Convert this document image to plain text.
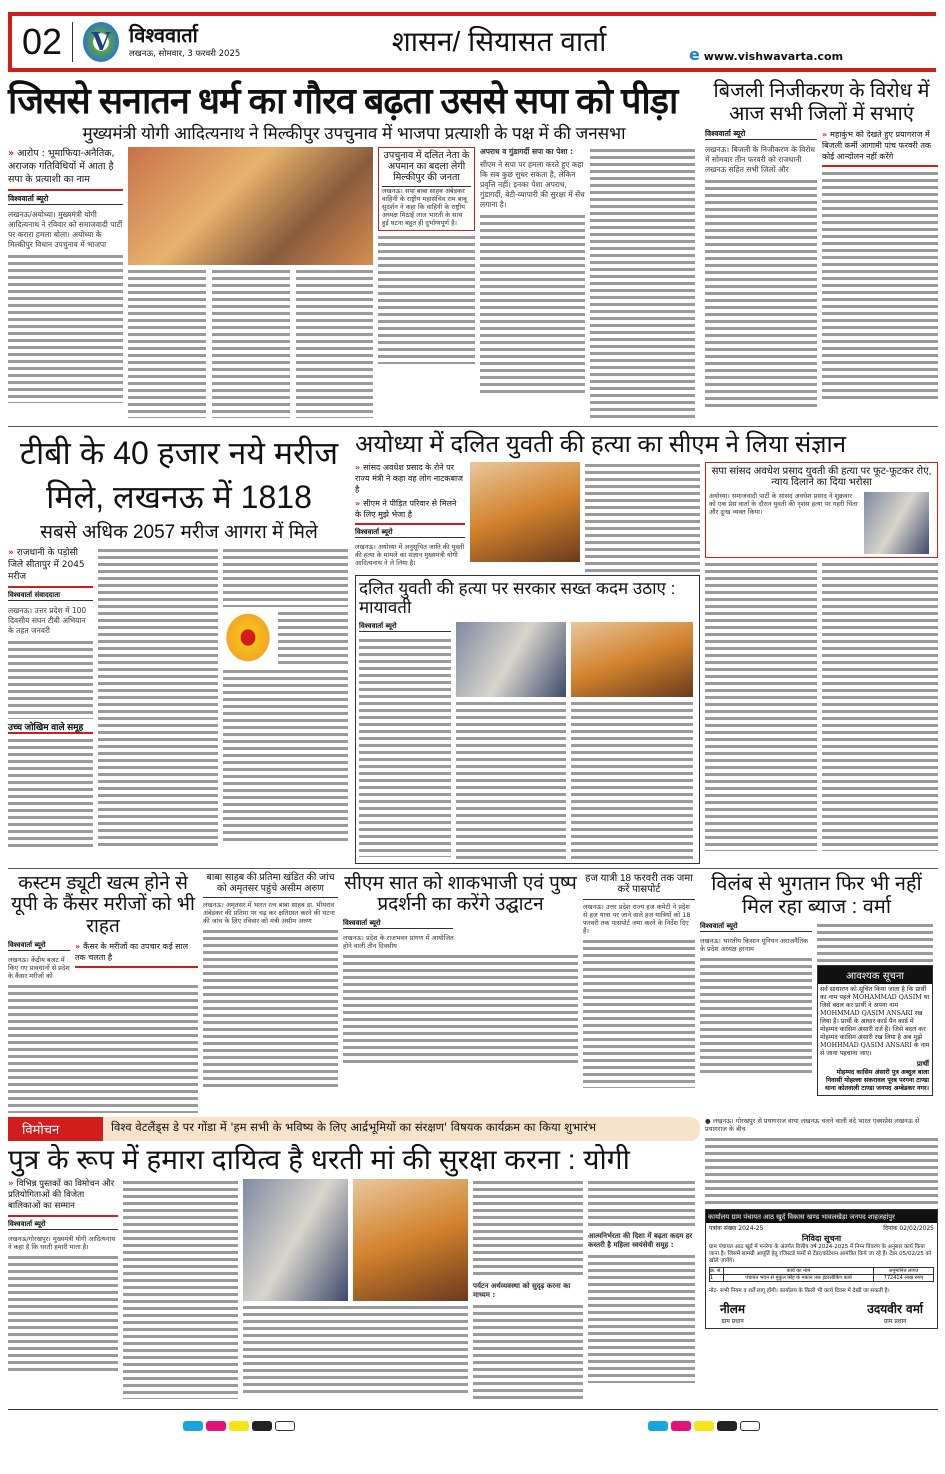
02	V विश्ववार्ता
लखनऊ, सोमवार, 3 फरवरी 2025	शासन/ सियासत वार्ता	e www.vishwavarta.com
जिससे सनातन धर्म का गौरव बढ़ता उससे सपा को पीड़ा
मुख्यमंत्री योगी आदित्यनाथ ने मिल्कीपुर उपचुनाव में भाजपा प्रत्याशी के पक्ष में की जनसभा
» आरोप : भूमाफिया-अनैतिक, अराजक गतिविधियों में आता है सपा के प्रत्याशी का नाम
विश्ववार्ता ब्यूरो
लखनऊ/अयोध्या। मुख्यमंत्री योगी आदित्यनाथ ने रविवार को समाजवादी पार्टी पर करारा हमला बोला। अयोध्या के मिल्कीपुर विधान उपचुनाव में भाजपा
उपचुनाव में दलित नेता के अपमान का बदला लेगी मिल्कीपुर की जनता
लखनऊ। सपा बाबा साहब अंबेडकर वाहिनी के राष्ट्रीय महासचिव राम बाबू सुदर्शन ने कहा कि वाहिनी के राष्ट्रीय अध्यक्ष मिठाई लाल भारती के साथ हुई घटना बहुत ही दुर्भाग्यपूर्ण है।
अपराध व गुंडागर्दी सपा का पेशा :
सीएम ने सपा पर हमला करते हुए कहा कि सब कुछ सुधर सकता है, लेकिन प्रवृत्ति नहीं। इनका पेशा अपराध, गुंडागर्दी, बेटी-व्यापारी की सुरक्षा में सेंध लगाना है।
बिजली निजीकरण के विरोध में आज सभी जिलों में सभाएं
विश्ववार्ता ब्यूरो
लखनऊ। बिजली के निजीकरण के विरोध में सोमवार तीन फरवरी को राजधानी लखनऊ सहित सभी जिलों और
» महाकुंभ को देखते हुए प्रयागराज में बिजली कर्मी आगामी पांच फरवरी तक कोई आन्दोलन नहीं करेंगे
टीबी के 40 हजार नये मरीज मिले, लखनऊ में 1818
सबसे अधिक 2057 मरीज आगरा में मिले
» राजधानी के पड़ोसी जिले सीतापुर में 2045 मरीज
विश्ववार्ता संवाददाता
लखनऊ। उत्तर प्रदेश में 100 दिवसीय सघन टीबी अभियान के तहत जनवरी
उच्च जोखिम वाले समूह
अयोध्या में दलित युवती की हत्या का सीएम ने लिया संज्ञान
» सांसद अवधेश प्रसाद के रोने पर राज्य मंत्री ने कहा वह लोग नाटकबाज है
» सीएम ने पीड़ित परिवार से मिलने के लिए मुझे भेजा है
विश्ववार्ता ब्यूरो
लखनऊ। अयोध्या में अनुसूचित जाति की युवती की हत्या के मामले का संज्ञान मुख्यमंत्री योगी आदित्यनाथ ने ले लिया है।
दलित युवती की हत्या पर सरकार सख्त कदम उठाए : मायावती
विश्ववार्ता ब्यूरो
सपा सांसद अवधेश प्रसाद युवती की हत्या पर फूट-फूटकर रोए, न्याय दिलाने का दिया भरोसा
अयोध्या। समाजवादी पार्टी के सांसद अवधेश प्रसाद ने शुक्रवार को एक प्रेस वार्ता के दौरान युवती की नृशंस हत्या पर गहरी चिंता और दुःख व्यक्त किया।
कस्टम ड्यूटी खत्म होने से यूपी के कैंसर मरीजों को भी राहत
विश्ववार्ता ब्यूरो
लखनऊ। केंद्रीय बजट में किए गए प्रावधानों से प्रदेश के कैंसर मरीजों को
» कैंसर के मरीजों का उपचार कई साल तक चलता है
बाबा साहब की प्रतिमा खंडित की जांच को अमृतसर पहुंचे असीम अरुण
लखनऊ। अमृतसर में भारत रत्न बाबा साहब डा. भीमराव अंबेडकर की प्रतिमा पर चढ़ कर क्षतिग्रस्त करने की घटना की जांच के लिए रविवार को मंत्री असीम अरुण
सीएम सात को शाकभाजी एवं पुष्प प्रदर्शनी का करेंगे उद्घाटन
विश्ववार्ता ब्यूरो
लखनऊ। प्रदेश के राजभवन प्रांगण में आयोजित होने वाली तीन दिवसीय
हज यात्री 18 फरवरी तक जमा करें पासपोर्ट
लखनऊ। उत्तर प्रदेश राज्य हज कमेटी ने प्रदेश से हज यात्रा पर जाने वाले हज यात्रियों को 18 फरवरी तक पासपोर्ट जमा करने के निर्देश दिए हैं।
विलंब से भुगतान फिर भी नहीं मिल रहा ब्याज : वर्मा
विश्ववार्ता ब्यूरो
लखनऊ। भारतीय किसान यूनियन अराजनैतिक के प्रदेश अध्यक्ष हरनाम
आवश्यक सूचना
सर्व साधारण को सूचित किया जाता है कि प्रार्थी का नाम पहले MOHAMMAD QASIM था जिसे बदल कर प्रार्थी ने अपना नाम MOHMMAD QASIM ANSARI रख लिया है। प्रार्थी के आधार कार्ड पैन कार्ड में मोहम्मद कासिम अंसारी दर्ज है। जिसे बदल कर मोहम्मद कासिम अंसारी रख लिया है अब मुझे MOHHMAD QASIM ANSARI के नाम से जाना पहचाना जाए।
प्रार्थी
मोहम्मद कासिम अंसारी पुत्र अब्दुल बाला निवासी मोहल्ला सकरावल पूरब परगना टाण्डा थाना कोतवाली टाण्डा जनपद अम्बेडकर नगर।
विमोचन	विश्व वेटलैंड्स डे पर गोंडा में 'हम सभी के भविष्य के लिए आर्द्रभूमियों का संरक्षण' विषयक कार्यक्रम का किया शुभारंभ
पुत्र के रूप में हमारा दायित्व है धरती मां की सुरक्षा करना : योगी
» विभिन्न पुस्तकों का विमोचन और प्रतियोगिताओं की विजेता बालिकाओं का सम्मान
विश्ववार्ता ब्यूरो
लखनऊ/गोरखपुर। मुख्यमंत्री योगी आदित्यनाथ ने कहा है कि धरती हमारी माता है।
पर्यटन अर्थव्यवस्था को सुदृढ़ करना का माध्यम :
आत्मनिर्भरता की दिशा में बढ़ता कदम हर कस्तरी है महिला स्वयंसेवी समूह :
● लखनऊ। गोरखपुर से प्रयागराज वाया लखनऊ चलने वाली वंदे भारत एक्सप्रेस लखनऊ से प्रयागराज के बीच
कार्यालय ग्राम पंचायत आठ खुर्द विकास खण्ड भावलखेड़ा जनपद शाहजहांपुर
पत्रांक संख्या 2024-25	दिनांक 02/02/2025
निविदा सूचना
ग्राम पंचायत आठ खुर्द में मनरेगा के अंतर्गत वित्तीय वर्ष 2024-2025 में निम्न विवरण के अनुसार कार्य किया जाना है। जिसमें सामग्री आपूर्ति हेतु रजिस्टर्ड फर्मों से टेंडर/कोटेशन आमंत्रित किये जा रहे हैं। टेंडर 05/02/25 को खोले जायेंगे।
क्र. सं.	कार्य का नाम	अनुमानित लागत
1	पंचायत भवन से मुकुल सिंह के मकान तक इंटरलॉकिंग कार्य	772414 लाख रुपए
नोट- सभी नियम व शर्तें लागू होंगी। कार्यालय के किसी भी कार्य दिवस में देखी जा सकती है।
नीलम
ग्राम प्रधान
उदयवीर वर्मा
ग्राम प्रधान
